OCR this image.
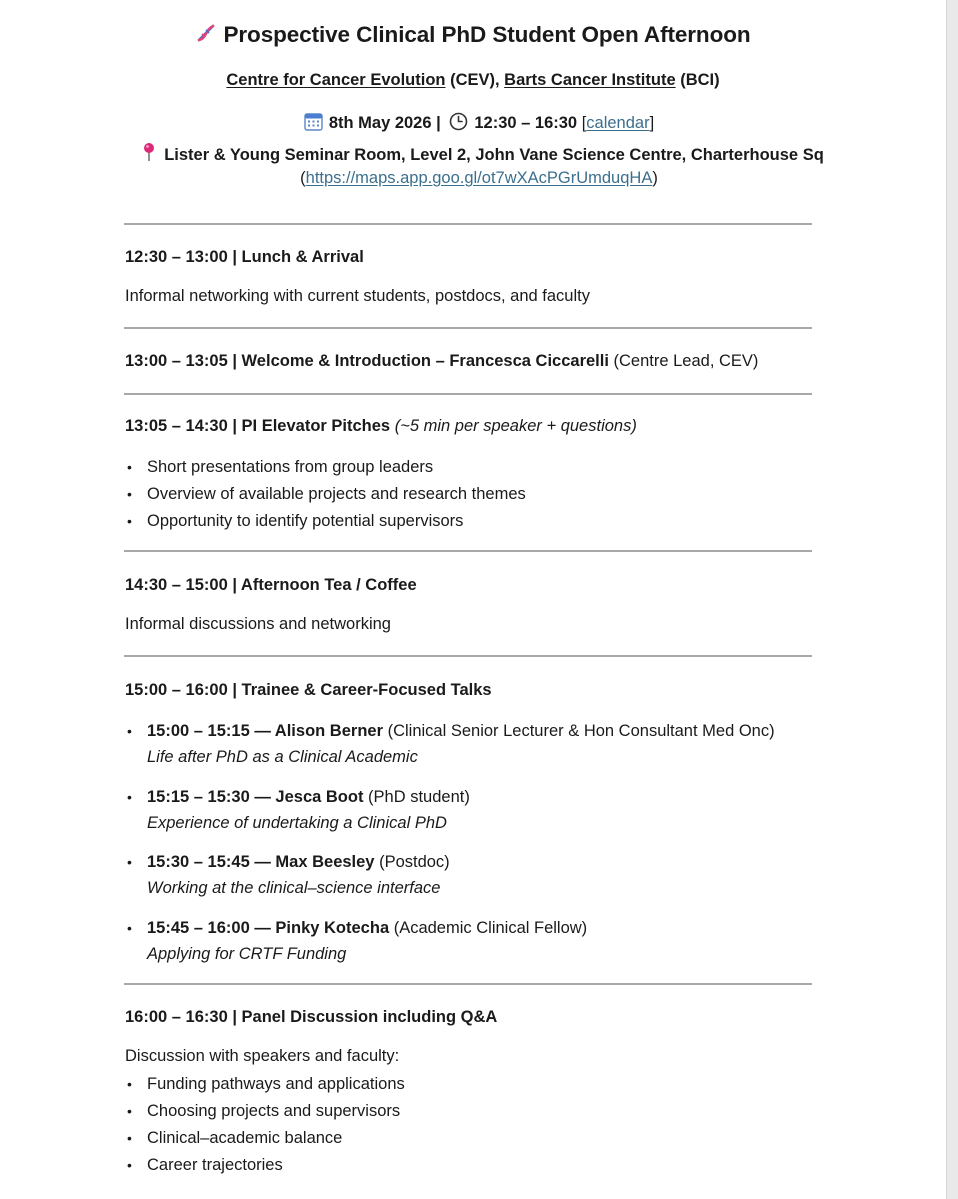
Prospective Clinical PhD Student Open Afternoon
Centre for Cancer Evolution (CEV), Barts Cancer Institute (BCI)
8th May 2026 | 12:30 – 16:30 [calendar]
Lister & Young Seminar Room, Level 2, John Vane Science Centre, Charterhouse Sq
(https://maps.app.goo.gl/ot7wXAcPGrUmduqHA)
12:30 – 13:00 | Lunch & Arrival
Informal networking with current students, postdocs, and faculty
13:00 – 13:05 | Welcome & Introduction – Francesca Ciccarelli (Centre Lead, CEV)
13:05 – 14:30 | PI Elevator Pitches (~5 min per speaker + questions)
• Short presentations from group leaders
• Overview of available projects and research themes
• Opportunity to identify potential supervisors
14:30 – 15:00 | Afternoon Tea / Coffee
Informal discussions and networking
15:00 – 16:00 | Trainee & Career-Focused Talks
• 15:00 – 15:15 — Alison Berner (Clinical Senior Lecturer & Hon Consultant Med Onc)
Life after PhD as a Clinical Academic
• 15:15 – 15:30 — Jesca Boot (PhD student)
Experience of undertaking a Clinical PhD
• 15:30 – 15:45 — Max Beesley (Postdoc)
Working at the clinical–science interface
• 15:45 – 16:00 — Pinky Kotecha (Academic Clinical Fellow)
Applying for CRTF Funding
16:00 – 16:30 | Panel Discussion including Q&A
Discussion with speakers and faculty:
• Funding pathways and applications
• Choosing projects and supervisors
• Clinical–academic balance
• Career trajectories
